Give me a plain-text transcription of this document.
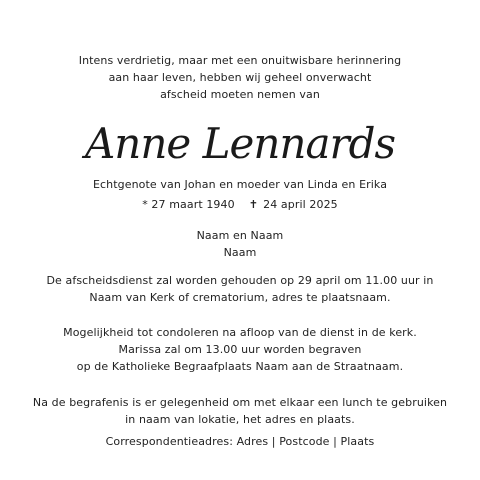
Intens verdrietig, maar met een onuitwisbare herinnering
aan haar leven, hebben wij geheel onverwacht
afscheid moeten nemen van
Anne Lennards
Echtgenote van Johan en moeder van Linda en Erika
* 27 maart 1940 ✝ 24 april 2025
Naam en Naam
Naam
De afscheidsdienst zal worden gehouden op 29 april om 11.00 uur in
Naam van Kerk of crematorium, adres te plaatsnaam.
Mogelijkheid tot condoleren na afloop van de dienst in de kerk.
Marissa zal om 13.00 uur worden begraven
op de Katholieke Begraafplaats Naam aan de Straatnaam.
Na de begrafenis is er gelegenheid om met elkaar een lunch te gebruiken
in naam van lokatie, het adres en plaats.
Correspondentieadres: Adres | Postcode | Plaats
